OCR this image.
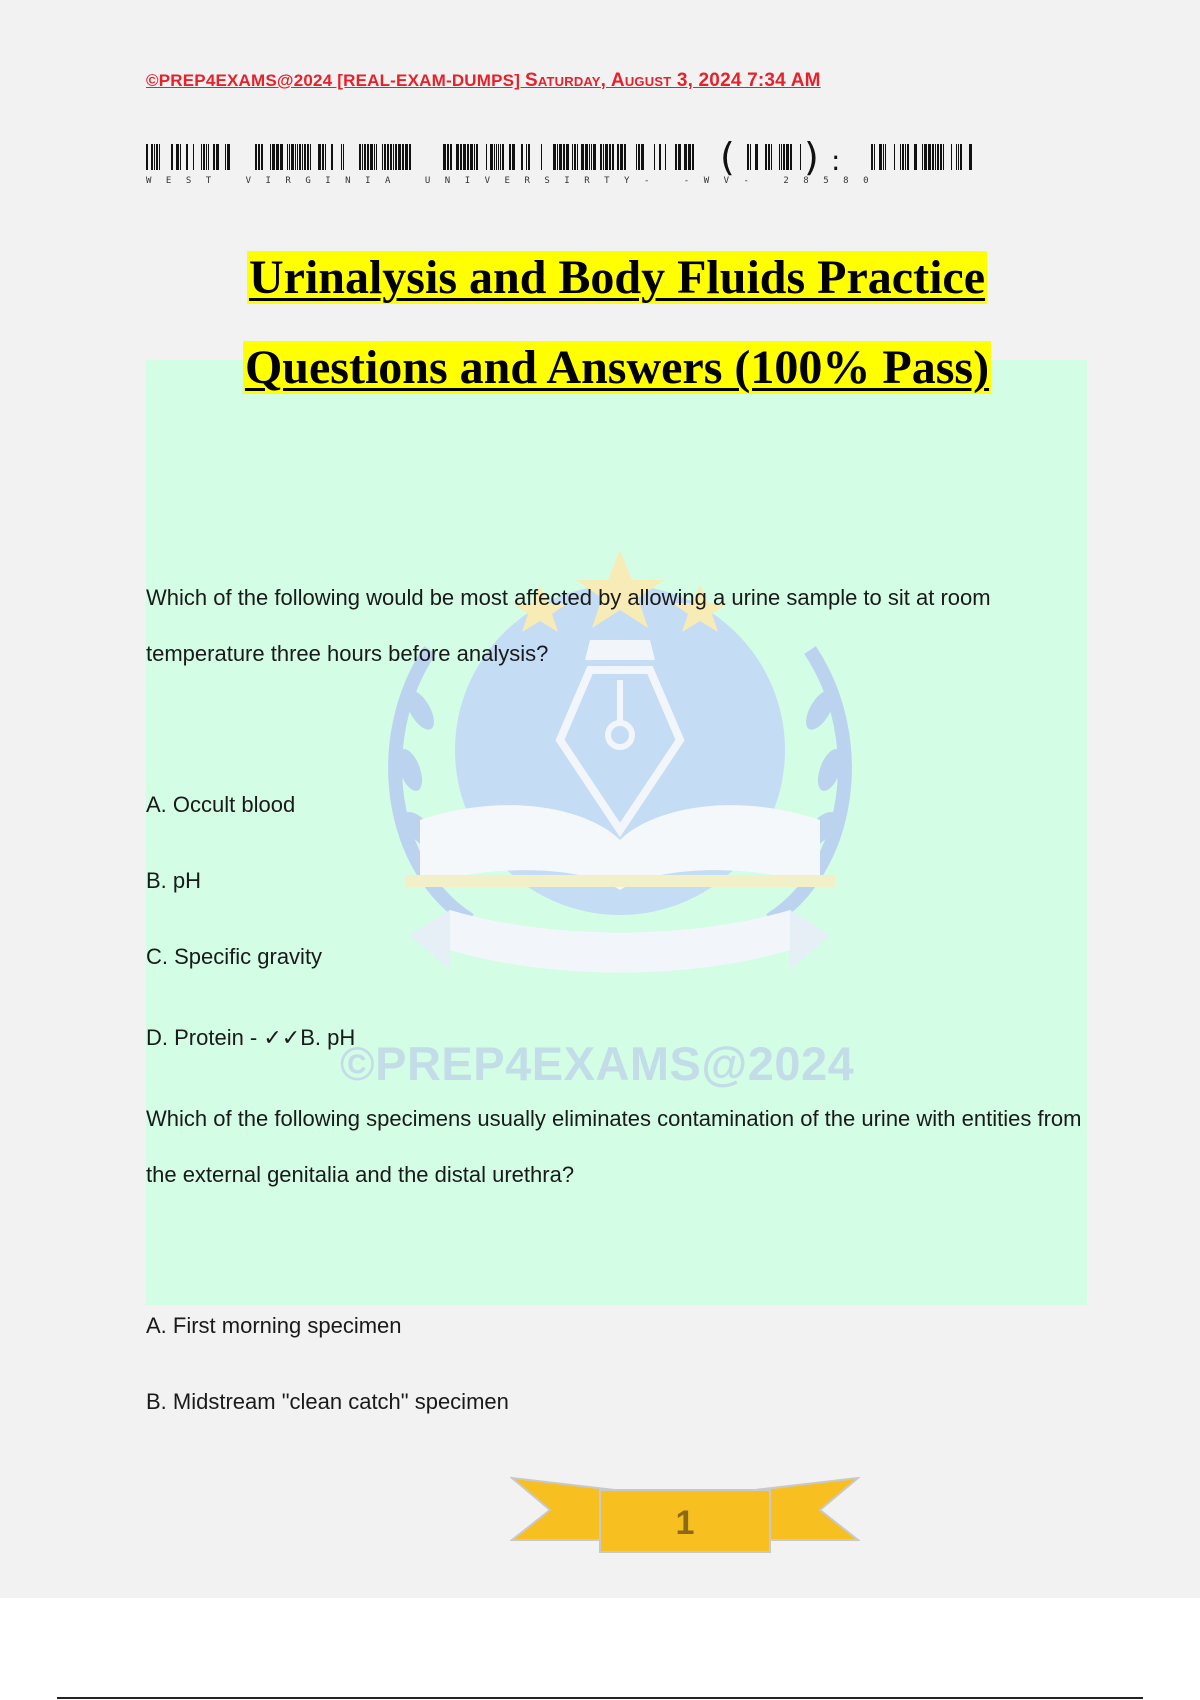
©PREP4EXAMS@2024 [REAL-EXAM-DUMPS] Saturday, August 3, 2024 7:34 AM
( ) :
WEST VIRGINIA UNIVERSIRTY- -WV- 28580
©PREP4EXAMS@2024
Urinalysis and Body Fluids Practice
Questions and Answers (100% Pass)
Which of the following would be most affected by allowing a urine sample to sit at room temperature three hours before analysis?
A. Occult blood
B. pH
C. Specific gravity
D. Protein - ✓✓B. pH
Which of the following specimens usually eliminates contamination of the urine with entities from the external genitalia and the distal urethra?
A. First morning specimen
B. Midstream "clean catch" specimen
1
